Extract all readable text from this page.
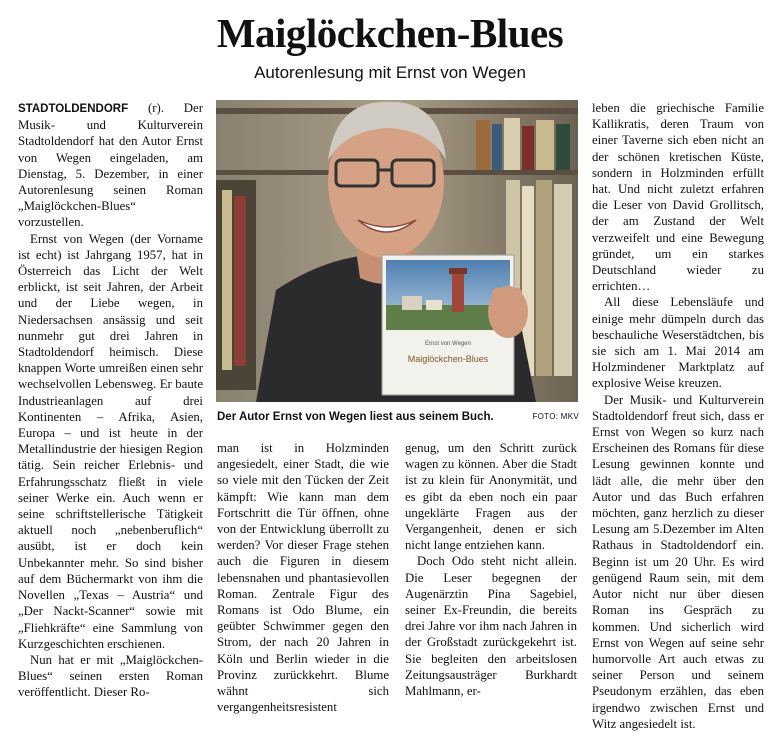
Maiglöckchen-Blues
Autorenlesung mit Ernst von Wegen

STADTOLDENDORF (r). Der Musik- und Kulturverein Stadtoldendorf hat den Autor Ernst von Wegen eingeladen, am Dienstag, 5. Dezember, in einer Autorenlesung seinen Roman „Maiglöckchen-Blues“ vorzustellen.

Ernst von Wegen (der Vorname ist echt) ist Jahrgang 1957, hat in Österreich das Licht der Welt erblickt, ist seit Jahren, der Arbeit und der Liebe wegen, in Niedersachsen ansässig und seit nunmehr gut drei Jahren in Stadtoldendorf heimisch. Diese knappen Worte umreißen einen sehr wechselvollen Lebensweg. Er baute Industrieanlagen auf drei Kontinenten – Afrika, Asien, Europa – und ist heute in der Metallindustrie der hiesigen Region tätig. Sein reicher Erlebnis- und Erfahrungsschatz fließt in viele seiner Werke ein. Auch wenn er seine schriftstellerische Tätigkeit aktuell noch „nebenberuflich“ ausübt, ist er doch kein Unbekannter mehr. So sind bisher auf dem Büchermarkt von ihm die Novellen „Texas – Austria“ und „Der Nackt-Scanner“ sowie mit „Fliehkräfte“ eine Sammlung von Kurzgeschichten erschienen.

Nun hat er mit „Maiglöckchen-Blues“ seinen ersten Roman veröffentlicht. Dieser Ro-

Ernst von Wegen
Maiglöckchen-Blues
Der Autor Ernst von Wegen liest aus seinem Buch.	FOTO: MKV

man ist in Holzminden angesiedelt, einer Stadt, die wie so viele mit den Tücken der Zeit kämpft: Wie kann man dem Fortschritt die Tür öffnen, ohne von der Entwicklung überrollt zu werden? Vor dieser Frage stehen auch die Figuren in diesem lebensnahen und phantasievollen Roman. Zentrale Figur des Romans ist Odo Blume, ein geübter Schwimmer gegen den Strom, der nach 20 Jahren in Köln und Berlin wieder in die Provinz zurückkehrt. Blume wähnt sich vergangenheitsresistent

genug, um den Schritt zurück wagen zu können. Aber die Stadt ist zu klein für Anonymität, und es gibt da eben noch ein paar ungeklärte Fragen aus der Vergangenheit, denen er sich nicht lange entziehen kann.

Doch Odo steht nicht allein. Die Leser begegnen der Augenärztin Pina Sagebiel, seiner Ex-Freundin, die bereits drei Jahre vor ihm nach Jahren in der Großstadt zurückgekehrt ist. Sie begleiten den arbeitslosen Zeitungsausträger Burkhardt Mahlmann, er-

leben die griechische Familie Kallikratis, deren Traum von einer Taverne sich eben nicht an der schönen kretischen Küste, sondern in Holzminden erfüllt hat. Und nicht zuletzt erfahren die Leser von David Grollitsch, der am Zustand der Welt verzweifelt und eine Bewegung gründet, um ein starkes Deutschland wieder zu errichten…

All diese Lebensläufe und einige mehr dümpeln durch das beschauliche Weserstädtchen, bis sie sich am 1. Mai 2014 am Holzmindener Marktplatz auf explosive Weise kreuzen.

Der Musik- und Kulturverein Stadtoldendorf freut sich, dass er Ernst von Wegen so kurz nach Erscheinen des Romans für diese Lesung gewinnen konnte und lädt alle, die mehr über den Autor und das Buch erfahren möchten, ganz herzlich zu dieser Lesung am 5.Dezember im Alten Rathaus in Stadtoldendorf ein. Beginn ist um 20 Uhr. Es wird genügend Raum sein, mit dem Autor nicht nur über diesen Roman ins Gespräch zu kommen. Und sicherlich wird Ernst von Wegen auf seine sehr humorvolle Art auch etwas zu seiner Person und seinem Pseudonym erzählen, das eben irgendwo zwischen Ernst und Witz angesiedelt ist.
